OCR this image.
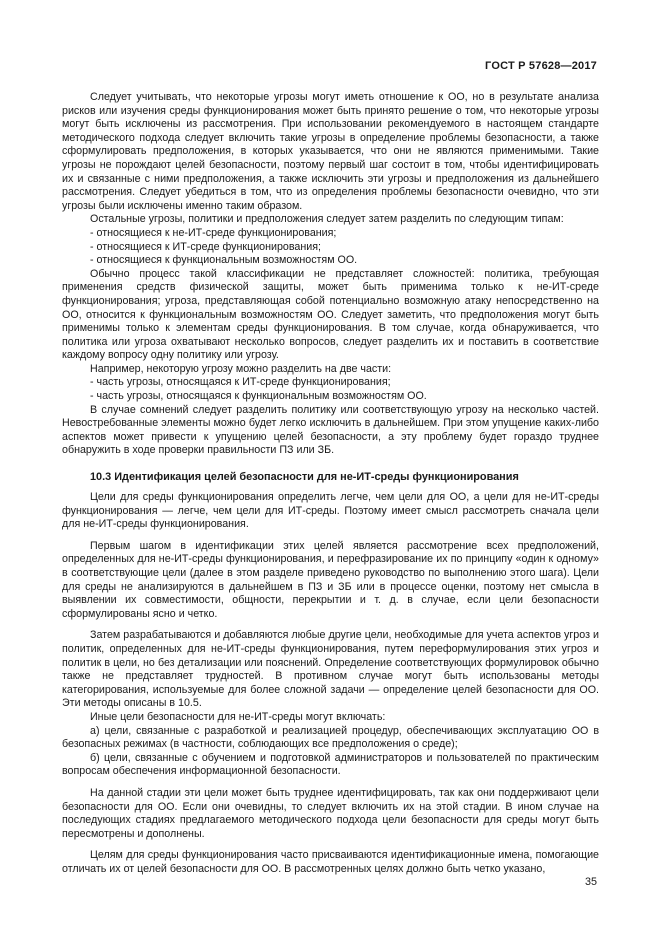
ГОСТ Р 57628—2017

Следует учитывать, что некоторые угрозы могут иметь отношение к ОО, но в результате анализа рисков или изучения среды функционирования может быть принято решение о том, что некоторые угрозы могут быть исключены из рассмотрения. При использовании рекомендуемого в настоящем стандарте методического подхода следует включить такие угрозы в определение проблемы безопасности, а также сформулировать предположения, в которых указывается, что они не являются применимыми. Такие угрозы не порождают целей безопасности, поэтому первый шаг состоит в том, чтобы идентифицировать их и связанные с ними предположения, а также исключить эти угрозы и предположения из дальнейшего рассмотрения. Следует убедиться в том, что из определения проблемы безопасности очевидно, что эти угрозы были исключены именно таким образом.

Остальные угрозы, политики и предположения следует затем разделить по следующим типам:

- относящиеся к не-ИТ-среде функционирования;

- относящиеся к ИТ-среде функционирования;

- относящиеся к функциональным возможностям ОО.

Обычно процесс такой классификации не представляет сложностей: политика, требующая применения средств физической защиты, может быть применима только к не-ИТ-среде функционирования; угроза, представляющая собой потенциально возможную атаку непосредственно на ОО, относится к функциональным возможностям ОО. Следует заметить, что предположения могут быть применимы только к элементам среды функционирования. В том случае, когда обнаруживается, что политика или угроза охватывают несколько вопросов, следует разделить их и поставить в соответствие каждому вопросу одну политику или угрозу.

Например, некоторую угрозу можно разделить на две части:

- часть угрозы, относящаяся к ИТ-среде функционирования;

- часть угрозы, относящаяся к функциональным возможностям ОО.

В случае сомнений следует разделить политику или соответствующую угрозу на несколько частей. Невостребованные элементы можно будет легко исключить в дальнейшем. При этом упущение каких-либо аспектов может привести к упущению целей безопасности, а эту проблему будет гораздо труднее обнаружить в ходе проверки правильности ПЗ или ЗБ.

10.3 Идентификация целей безопасности для не-ИТ-среды функционирования

Цели для среды функционирования определить легче, чем цели для ОО, а цели для не-ИТ-среды функционирования — легче, чем цели для ИТ-среды. Поэтому имеет смысл рассмотреть сначала цели для не-ИТ-среды функционирования.

Первым шагом в идентификации этих целей является рассмотрение всех предположений, определенных для не-ИТ-среды функционирования, и перефразирование их по принципу «один к одному» в соответствующие цели (далее в этом разделе приведено руководство по выполнению этого шага). Цели для среды не анализируются в дальнейшем в ПЗ и ЗБ или в процессе оценки, поэтому нет смысла в выявлении их совместимости, общности, перекрытии и т. д. в случае, если цели безопасности сформулированы ясно и четко.

Затем разрабатываются и добавляются любые другие цели, необходимые для учета аспектов угроз и политик, определенных для не-ИТ-среды функционирования, путем переформулирования этих угроз и политик в цели, но без детализации или пояснений. Определение соответствующих формулировок обычно также не представляет трудностей. В противном случае могут быть использованы методы категорирования, используемые для более сложной задачи — определение целей безопасности для ОО. Эти методы описаны в 10.5.

Иные цели безопасности для не-ИТ-среды могут включать:

а) цели, связанные с разработкой и реализацией процедур, обеспечивающих эксплуатацию ОО в безопасных режимах (в частности, соблюдающих все предположения о среде);

б) цели, связанные с обучением и подготовкой администраторов и пользователей по практическим вопросам обеспечения информационной безопасности.

На данной стадии эти цели может быть труднее идентифицировать, так как они поддерживают цели безопасности для ОО. Если они очевидны, то следует включить их на этой стадии. В ином случае на последующих стадиях предлагаемого методического подхода цели безопасности для среды могут быть пересмотрены и дополнены.

Целям для среды функционирования часто присваиваются идентификационные имена, помогающие отличать их от целей безопасности для ОО. В рассмотренных целях должно быть четко указано,

35
